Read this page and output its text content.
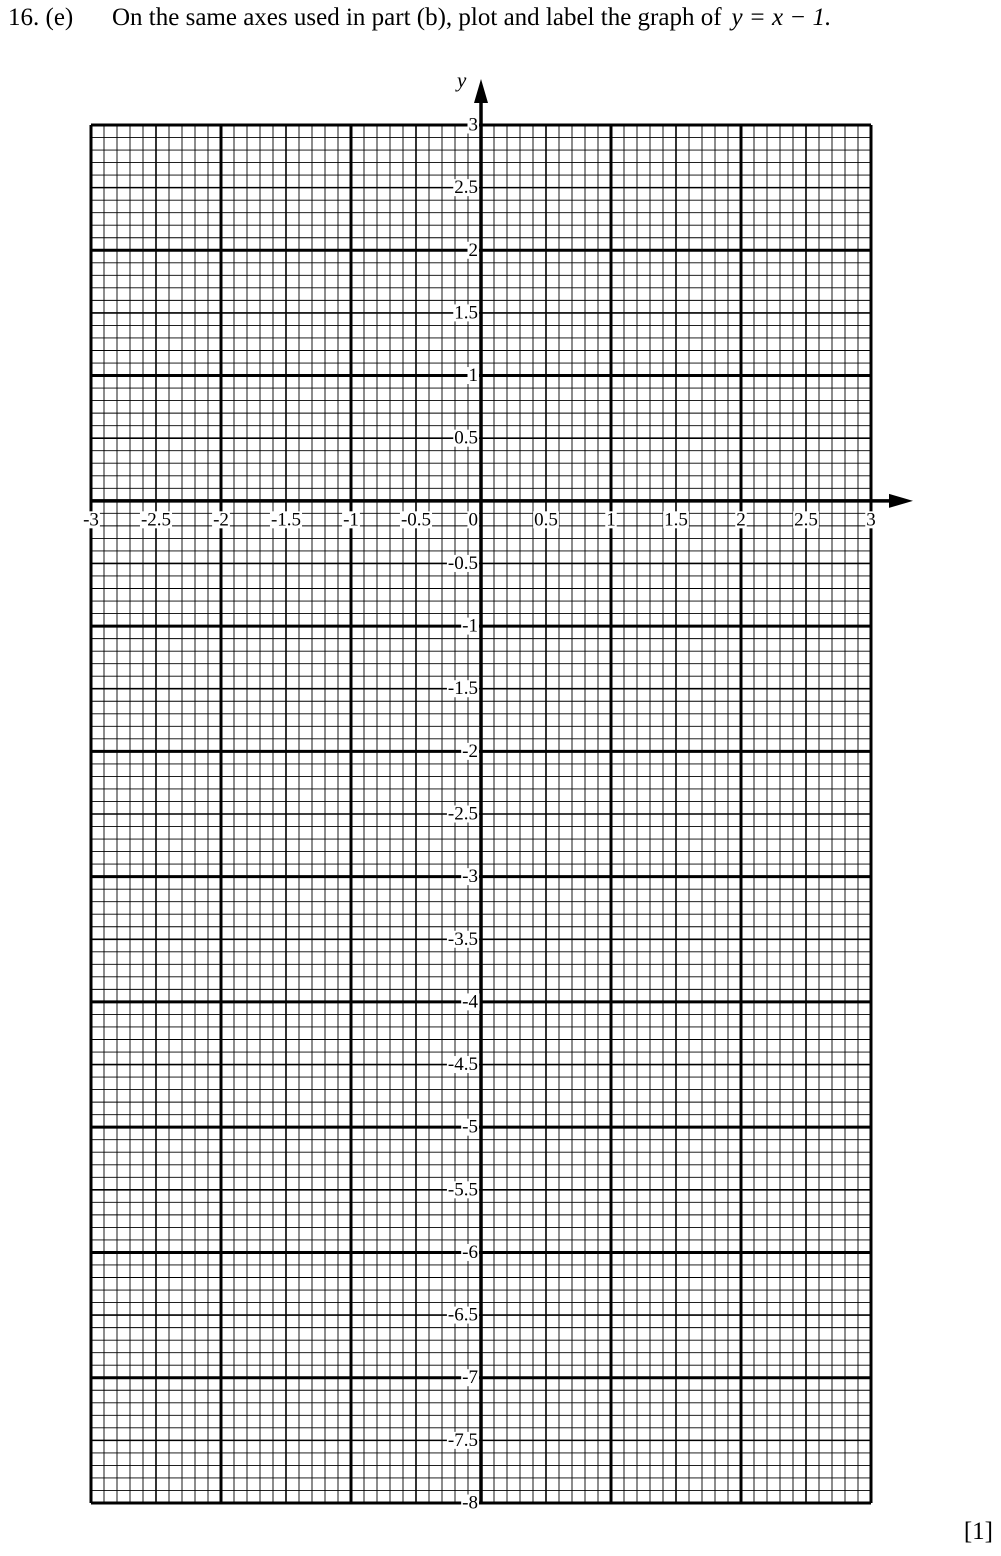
16. (e) On the same axes used in part (b), plot and label the graph of y = x − 1.
-3 -2.5 -2 -1.5 -1 -0.5 0	0.5	1	1.5	2	2.5	3
3
2.5
2
1.5
1
0.5
-0.5
-1
-1.5
-2
-2.5
-3
-3.5
-4
-4.5
-5
-5.5
-6
-6.5
-7
-7.5
-8
y
[1]
